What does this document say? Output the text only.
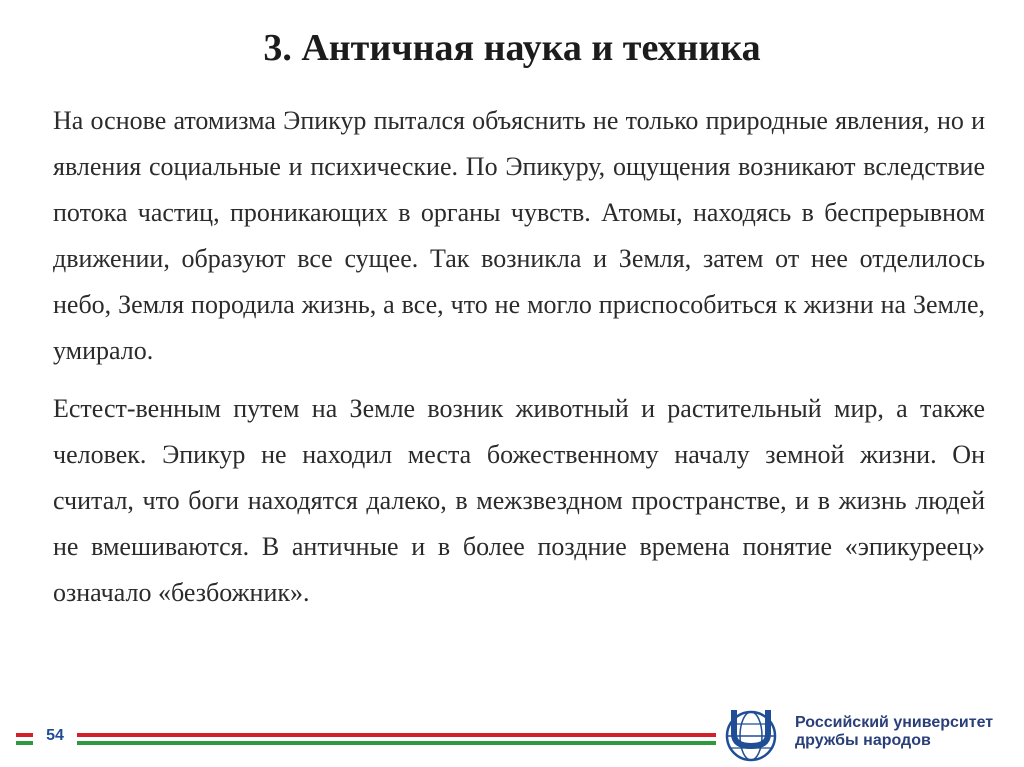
3. Античная наука и техника

На основе атомизма Эпикур пытался объяснить не только природные явления, но и явления социальные и психические. По Эпикуру, ощущения возникают вследствие потока частиц, проникающих в органы чувств. Атомы, находясь в беспрерывном движении, образуют все сущее. Так возникла и Земля, затем от нее отделилось небо, Земля породила жизнь, а все, что не могло приспособиться к жизни на Земле, умирало.

Естест-венным путем на Земле возник животный и растительный мир, а также человек. Эпикур не находил места божественному началу земной жизни. Он считал, что боги находятся далеко, в межзвездном пространстве, и в жизнь людей не вмешиваются. В античные и в более поздние времена понятие «эпикуреец» означало «безбожник».

54
Российский университет
дружбы народов
